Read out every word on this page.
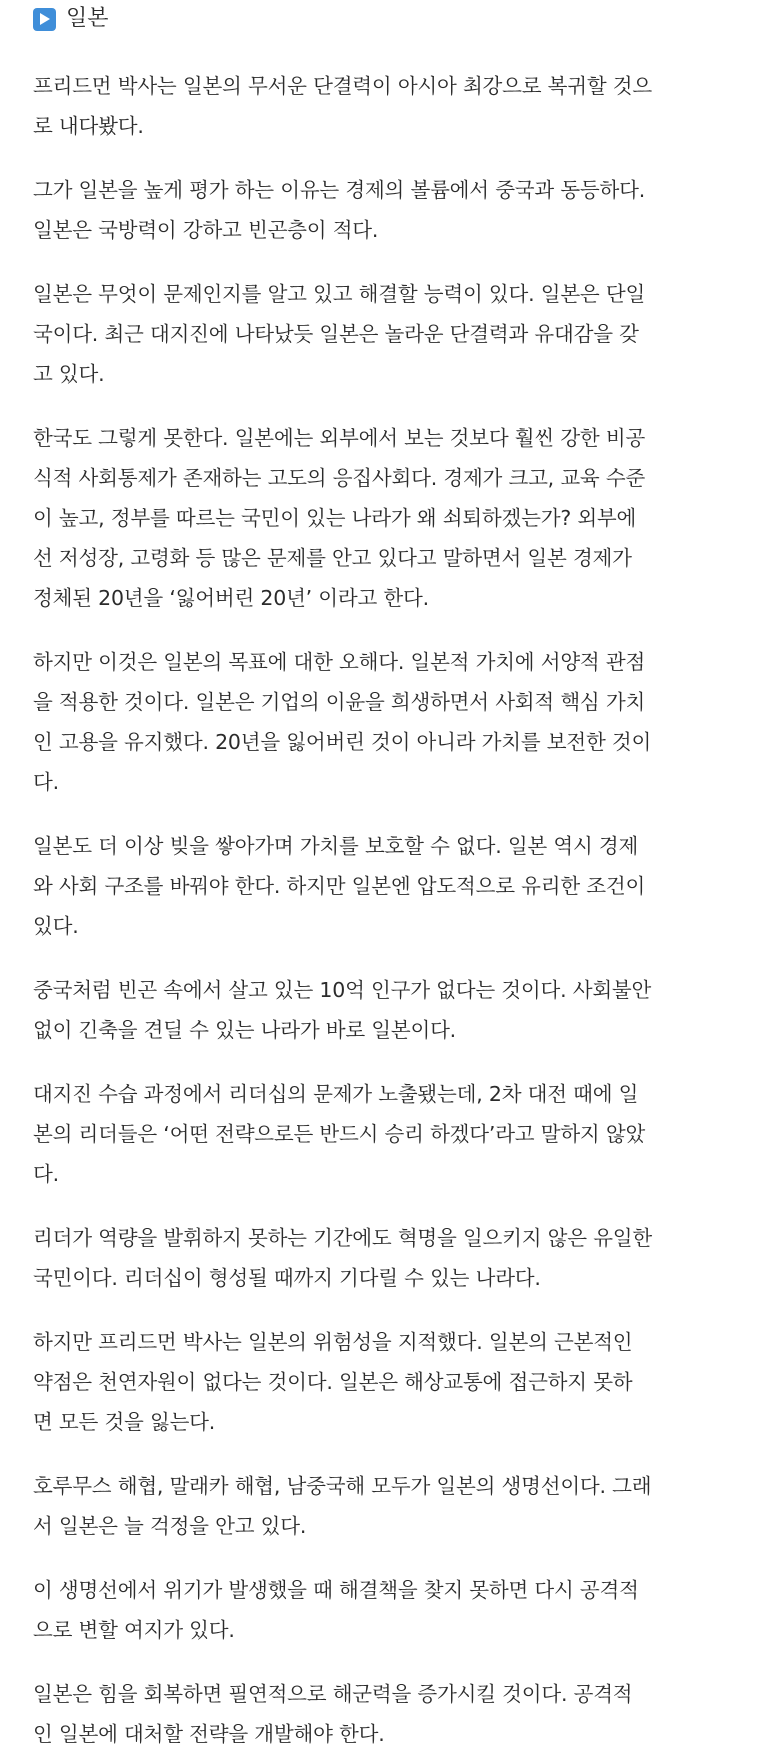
일본

프리드먼 박사는 일본의 무서운 단결력이 아시아 최강으로 복귀할 것으
로 내다봤다.

그가 일본을 높게 평가 하는 이유는 경제의 볼륨에서 중국과 동등하다.
일본은 국방력이 강하고 빈곤층이 적다.

일본은 무엇이 문제인지를 알고 있고 해결할 능력이 있다. 일본은 단일
국이다. 최근 대지진에 나타났듯 일본은 놀라운 단결력과 유대감을 갖
고 있다.

한국도 그렇게 못한다. 일본에는 외부에서 보는 것보다 훨씬 강한 비공
식적 사회통제가 존재하는 고도의 응집사회다. 경제가 크고, 교육 수준
이 높고, 정부를 따르는 국민이 있는 나라가 왜 쇠퇴하겠는가? 외부에
선 저성장, 고령화 등 많은 문제를 안고 있다고 말하면서 일본 경제가
정체된 20년을 ‘잃어버린 20년’ 이라고 한다.

하지만 이것은 일본의 목표에 대한 오해다. 일본적 가치에 서양적 관점
을 적용한 것이다. 일본은 기업의 이윤을 희생하면서 사회적 핵심 가치
인 고용을 유지했다. 20년을 잃어버린 것이 아니라 가치를 보전한 것이
다.

일본도 더 이상 빚을 쌓아가며 가치를 보호할 수 없다. 일본 역시 경제
와 사회 구조를 바꿔야 한다. 하지만 일본엔 압도적으로 유리한 조건이
있다.

중국처럼 빈곤 속에서 살고 있는 10억 인구가 없다는 것이다. 사회불안
없이 긴축을 견딜 수 있는 나라가 바로 일본이다.

대지진 수습 과정에서 리더십의 문제가 노출됐는데, 2차 대전 때에 일
본의 리더들은 ‘어떤 전략으로든 반드시 승리 하겠다’라고 말하지 않았
다.

리더가 역량을 발휘하지 못하는 기간에도 혁명을 일으키지 않은 유일한
국민이다. 리더십이 형성될 때까지 기다릴 수 있는 나라다.

하지만 프리드먼 박사는 일본의 위험성을 지적했다. 일본의 근본적인
약점은 천연자원이 없다는 것이다. 일본은 해상교통에 접근하지 못하
면 모든 것을 잃는다.

호루무스 해협, 말래카 해협, 남중국해 모두가 일본의 생명선이다. 그래
서 일본은 늘 걱정을 안고 있다.

이 생명선에서 위기가 발생했을 때 해결책을 찾지 못하면 다시 공격적
으로 변할 여지가 있다.

일본은 힘을 회복하면 필연적으로 해군력을 증가시킬 것이다. 공격적
인 일본에 대처할 전략을 개발해야 한다.
